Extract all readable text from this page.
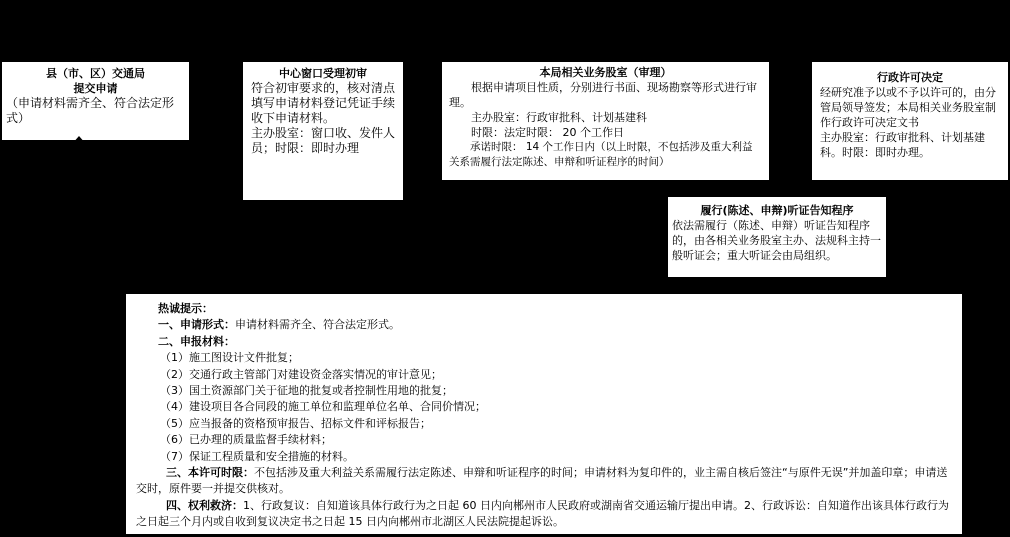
县（市、区）交通局
提交申请
（申请材料需齐全、符合法定形式）
中心窗口受理初审
符合初审要求的，核对清点填写申请材料登记凭证手续收下申请材料。
主办股室：窗口收、发件人员；时限：即时办理
本局相关业务股室（审理）
根据申请项目性质，分别进行书面、现场勘察等形式进行审理。
主办股室：行政审批科、计划基建科
时限：法定时限： 20 个工作日
承诺时限： 14 个工作日内（以上时限，不包括涉及重大利益关系需履行法定陈述、申辩和听证程序的时间）
行政许可决定
经研究准予以或不予以许可的，由分管局领导签发；本局相关业务股室制作行政许可决定文书
主办股室：行政审批科、计划基建科。时限：即时办理。
履行(陈述、申辩)听证告知程序
依法需履行（陈述、申辩）听证告知程序的，由各相关业务股室主办、法规科主持一般听证会；重大听证会由局组织。
热诚提示：
一、申请形式：申请材料需齐全、符合法定形式。
二、申报材料：
（1）施工图设计文件批复；
（2）交通行政主管部门对建设资金落实情况的审计意见；
（3）国土资源部门关于征地的批复或者控制性用地的批复；
（4）建设项目各合同段的施工单位和监理单位名单、合同价情况；
（5）应当报备的资格预审报告、招标文件和评标报告；
（6）已办理的质量监督手续材料；
（7）保证工程质量和安全措施的材料。
三、本许可时限：不包括涉及重大利益关系需履行法定陈述、申辩和听证程序的时间；申请材料为复印件的，业主需自核后签注“与原件无误”并加盖印章；申请送交时，原件要一并提交供核对。
四、权利救济：1、行政复议：自知道该具体行政行为之日起 60 日内向郴州市人民政府或湖南省交通运输厅提出申请。2、行政诉讼：自知道作出该具体行政行为之日起三个月内或自收到复议决定书之日起 15 日内向郴州市北湖区人民法院提起诉讼。
